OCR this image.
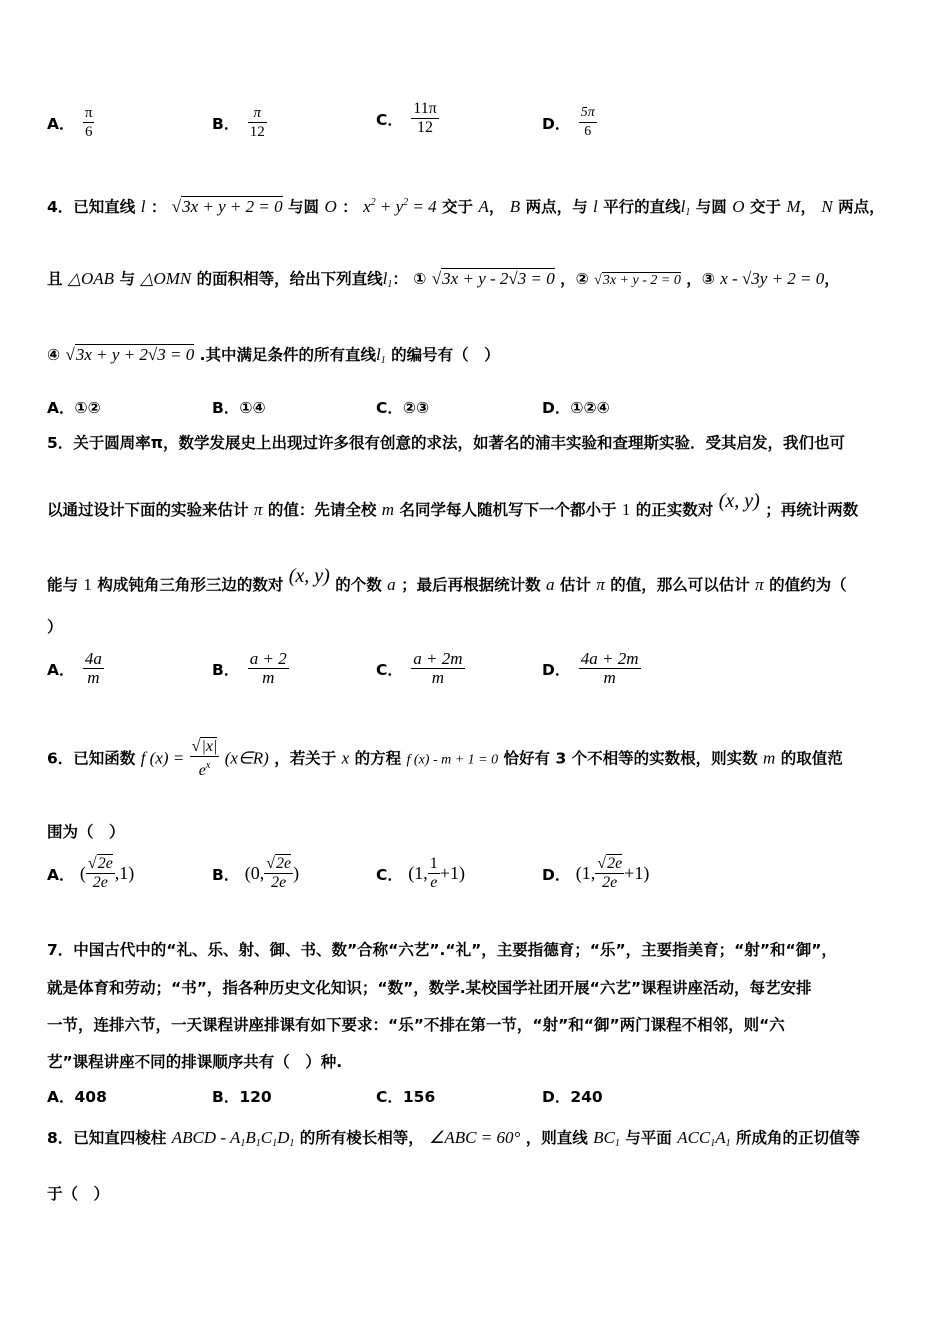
A． $\frac{\pi}{6}$	B． $\frac{\pi}{12}$	C． $\frac{11\pi}{12}$	D． $\frac{5\pi}{6}$
4．已知直线 l ： √3x + y + 2 = 0 与圆 O ： $x^2 + y^2 = 4$ 交于 A， B 两点，与 l 平行的直线$l_1$ 与圆 O 交于 M， N 两点，
且 △OAB 与 △OMN 的面积相等，给出下列直线$l_1$： ① √3x + y - 2√3 = 0 ，② √3x + y - 2 = 0 ，③ x - √3y + 2 = 0，
④ √3x + y + 2√3 = 0 .其中满足条件的所有直线$l_1$ 的编号有（　）
A．①②	B．①④	C．②③	D．①②④
5．关于圆周率π，数学发展史上出现过许多很有创意的求法，如著名的浦丰实验和查理斯实验．受其启发，我们也可
以通过设计下面的实验来估计 π 的值：先请全校 m 名同学每人随机写下一个都小于 1 的正实数对 (x, y) ；再统计两数
能与 1 构成钝角三角形三边的数对 (x, y) 的个数 a ；最后再根据统计数 a 估计 π 的值，那么可以估计 π 的值约为（
）
A． $\frac{4a}{m}$	B． $\frac{a + 2}{m}$	C． $\frac{a + 2m}{m}$	D． $\frac{4a + 2m}{m}$
6．已知函数 f $(x) = \frac{√|x|}{e^x}$ (x∈R) ，若关于 x 的方程 f (x) - m + 1 = 0 恰好有 3 个不相等的实数根，则实数 m 的取值范
围为（　）
A． ( $\frac{√2e}{2e} ,1$)	B． (0, $\frac{√2e}{2e}$ )	C． (1, $\frac{1}{e} +1$)	D． (1, $\frac{√2e}{2e} +1$)
7．中国古代中的“礼、乐、射、御、书、数”合称“六艺”.“礼”，主要指德育；“乐”，主要指美育；“射”和“御”，
就是体育和劳动；“书”，指各种历史文化知识；“数”，数学.某校国学社团开展“六艺”课程讲座活动，每艺安排
一节，连排六节，一天课程讲座排课有如下要求：“乐”不排在第一节，“射”和“御”两门课程不相邻，则“六
艺”课程讲座不同的排课顺序共有（　）种.
A．408	B．120	C．156	D．240
8．已知直四棱柱 ABCD - $A_1B_1C_1D_1$ 的所有棱长相等， ∠ABC = 60° ，则直线 $BC_1$ 与平面 $ACC_1A_1$ 所成角的正切值等
于（　）
